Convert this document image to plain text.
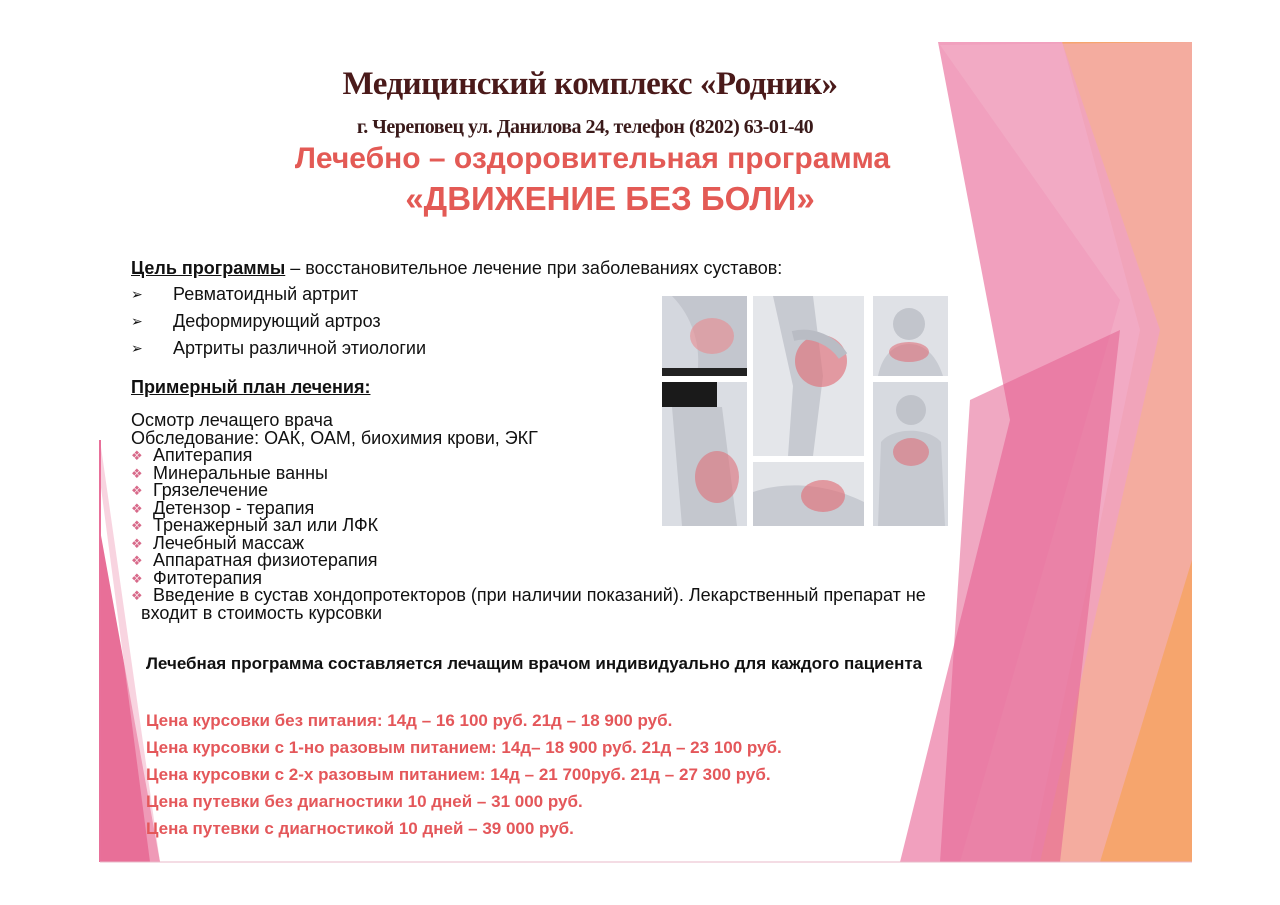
Медицинский комплекс «Родник»
г. Череповец ул. Данилова 24, телефон (8202) 63-01-40
Лечебно – оздоровительная программа
«ДВИЖЕНИЕ БЕЗ БОЛИ»
Цель программы – восстановительное лечение при заболеваниях суставов:
➢	Ревматоидный артрит
➢	Деформирующий артроз
➢	Артриты различной этиологии
Примерный план лечения:
Осмотр лечащего врача
Обследование: ОАК, ОАМ, биохимия крови, ЭКГ
❖ Апитерапия
❖ Минеральные ванны
❖ Грязелечение
❖ Детензор - терапия
❖ Тренажерный зал или ЛФК
❖ Лечебный массаж
❖ Аппаратная физиотерапия
❖ Фитотерапия
❖ Введение в сустав хондопротекторов (при наличии показаний). Лекарственный препарат не
входит в стоимость курсовки
Лечебная программа составляется лечащим врачом индивидуально для каждого пациента
Цена курсовки без питания: 14д – 16 100 руб. 21д – 18 900 руб.
Цена курсовки с 1-но разовым питанием: 14д– 18 900 руб. 21д – 23 100 руб.
Цена курсовки с 2-х разовым питанием: 14д – 21 700руб. 21д – 27 300 руб.
Цена путевки без диагностики 10 дней – 31 000 руб.
Цена путевки с диагностикой 10 дней – 39 000 руб.
